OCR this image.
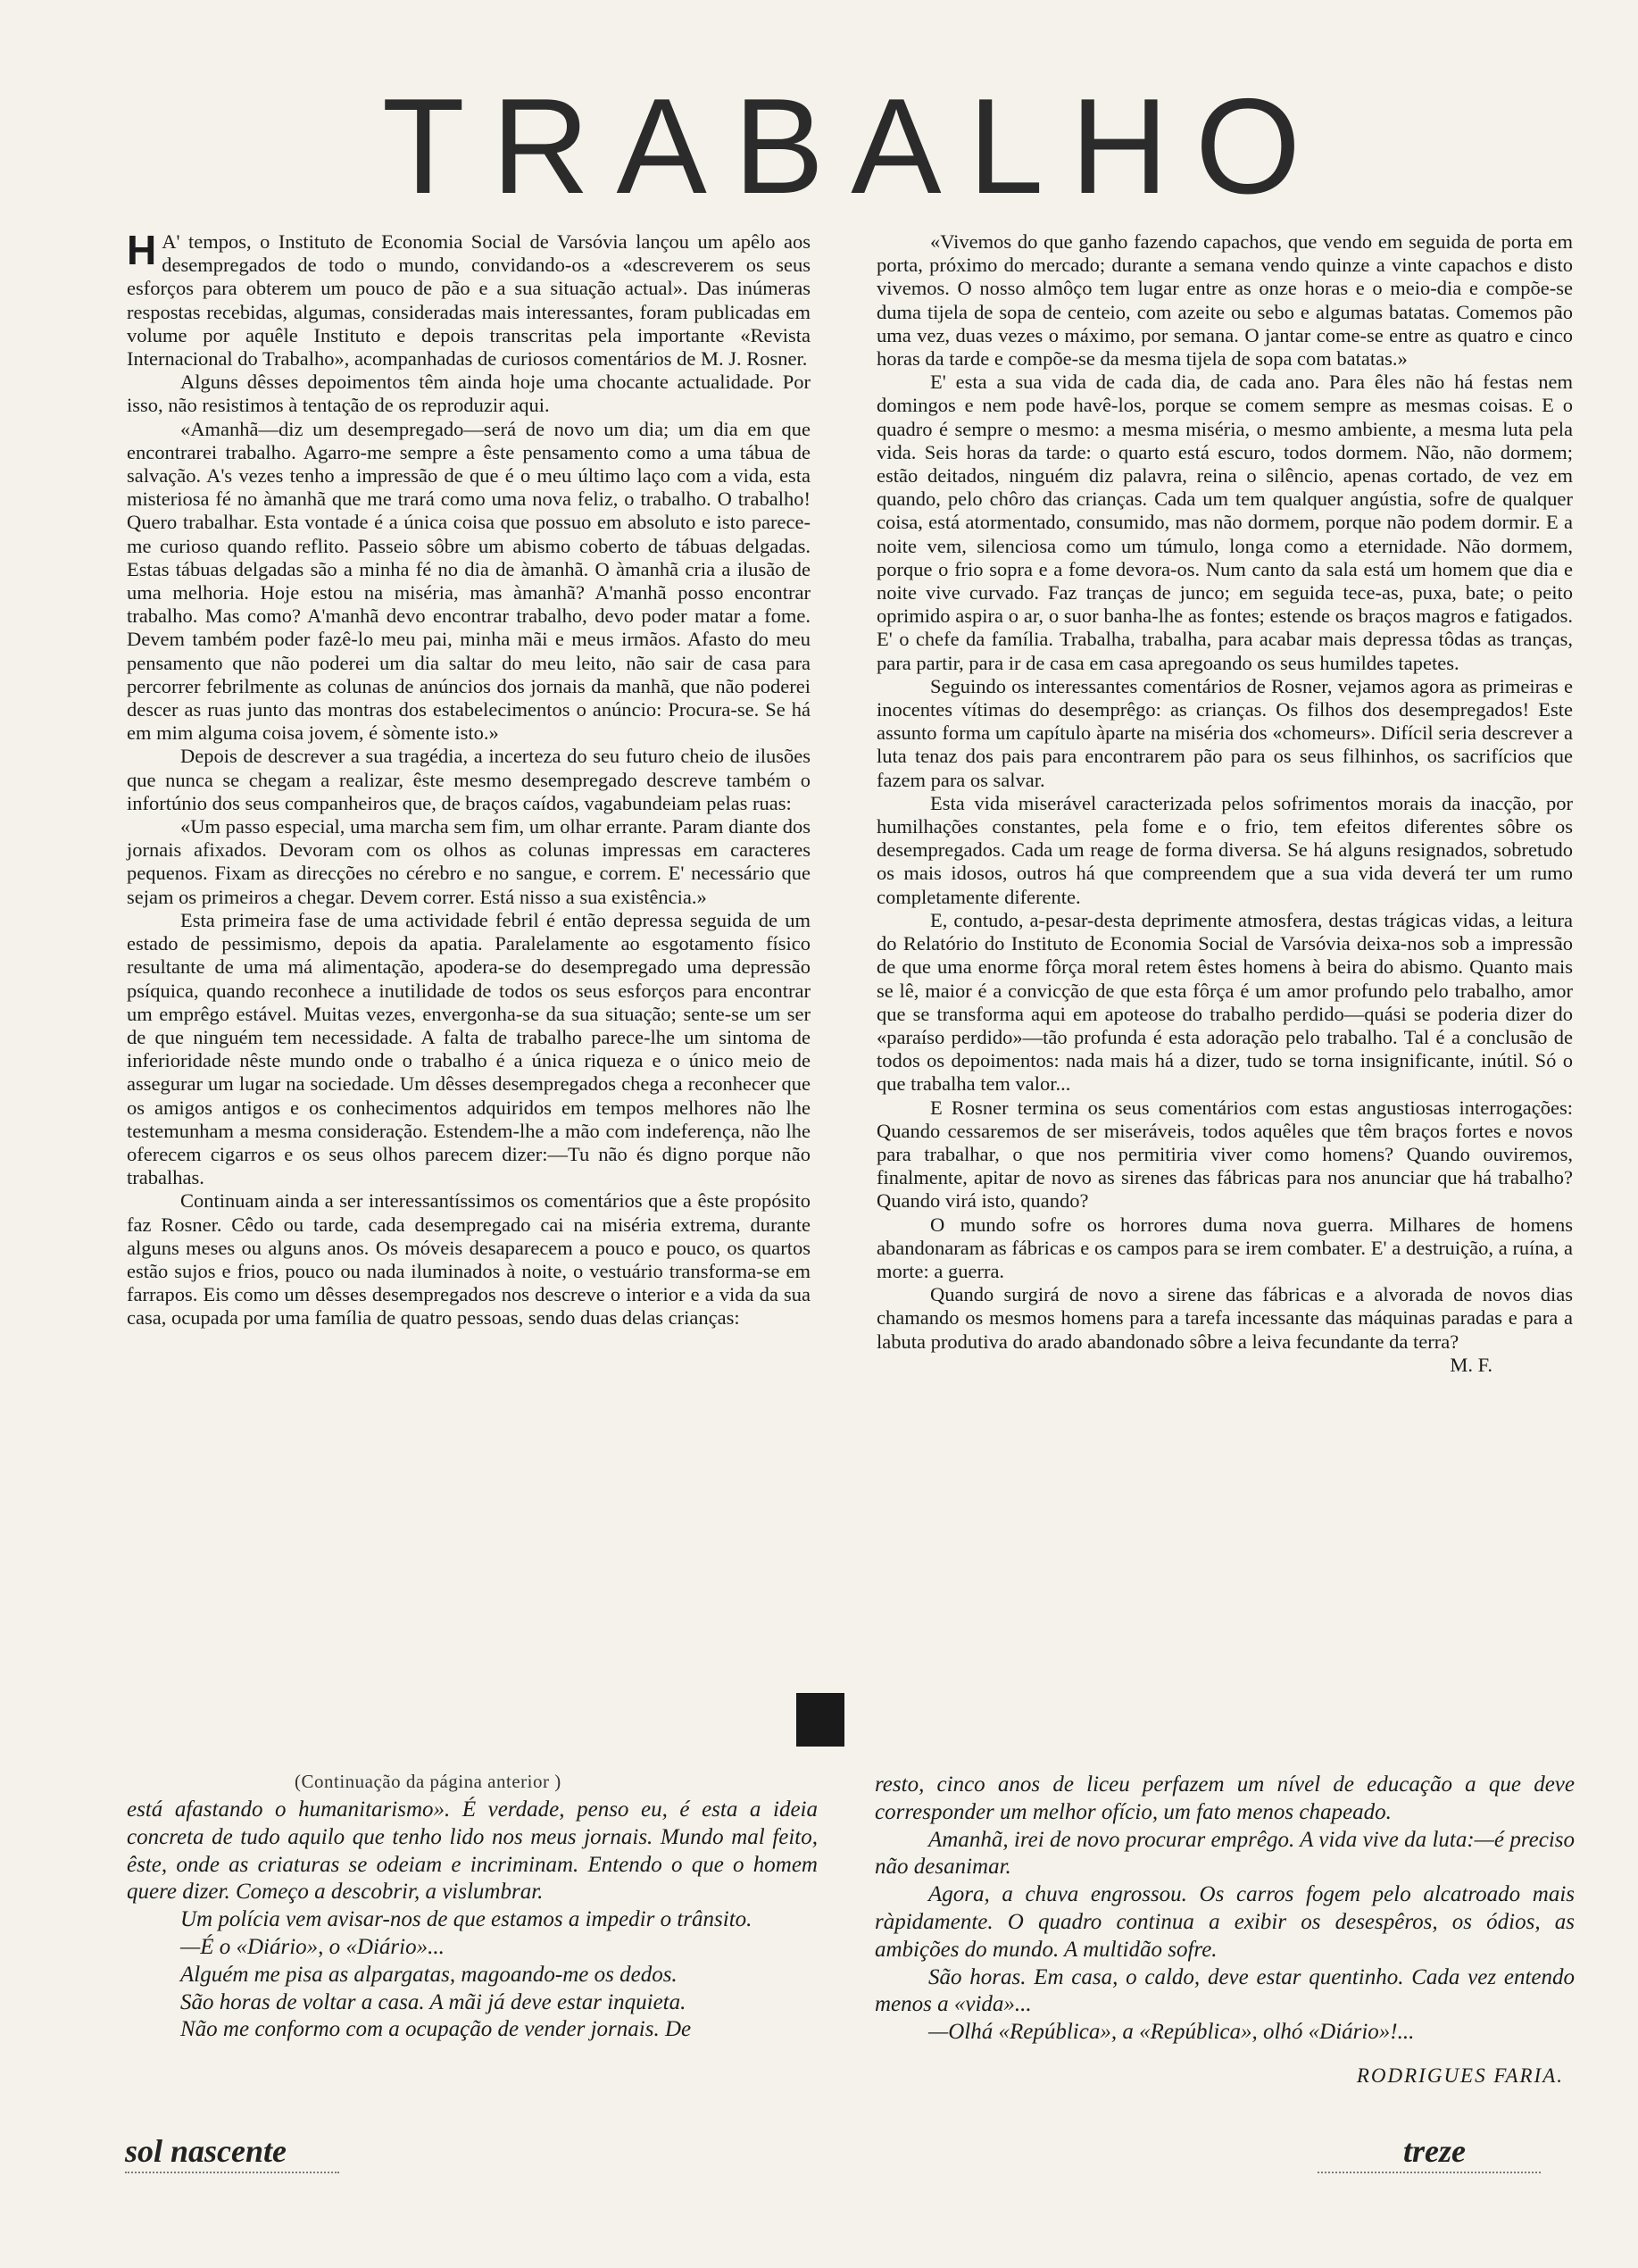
TRABALHO

H A' tempos, o Instituto de Economia Social de Varsóvia lançou um apêlo aos desempregados de todo o mundo, convidando-os a «descreverem os seus esforços para obterem um pouco de pão e a sua situação actual». Das inúmeras respostas recebidas, algumas, consideradas mais interessantes, foram publicadas em volume por aquêle Instituto e depois transcritas pela importante «Revista Internacional do Trabalho», acompanhadas de curiosos comentários de M. J. Rosner.

Alguns dêsses depoimentos têm ainda hoje uma chocante actualidade. Por isso, não resistimos à tentação de os reproduzir aqui.

«Amanhã—diz um desempregado—será de novo um dia; um dia em que encontrarei trabalho. Agarro-me sempre a êste pensamento como a uma tábua de salvação. A's vezes tenho a impressão de que é o meu último laço com a vida, esta misteriosa fé no àmanhã que me trará como uma nova feliz, o trabalho. O trabalho! Quero trabalhar. Esta vontade é a única coisa que possuo em absoluto e isto parece-me curioso quando reflito. Passeio sôbre um abismo coberto de tábuas delgadas. Estas tábuas delgadas são a minha fé no dia de àmanhã. O àmanhã cria a ilusão de uma melhoria. Hoje estou na miséria, mas àmanhã? A'manhã posso encontrar trabalho. Mas como? A'manhã devo encontrar trabalho, devo poder matar a fome. Devem também poder fazê-lo meu pai, minha mãi e meus irmãos. Afasto do meu pensamento que não poderei um dia saltar do meu leito, não sair de casa para percorrer febrilmente as colunas de anúncios dos jornais da manhã, que não poderei descer as ruas junto das montras dos estabelecimentos o anúncio: Procura-se. Se há em mim alguma coisa jovem, é sòmente isto.»

Depois de descrever a sua tragédia, a incerteza do seu futuro cheio de ilusões que nunca se chegam a realizar, êste mesmo desempregado descreve também o infortúnio dos seus companheiros que, de braços caídos, vagabundeiam pelas ruas:

«Um passo especial, uma marcha sem fim, um olhar errante. Param diante dos jornais afixados. Devoram com os olhos as colunas impressas em caracteres pequenos. Fixam as direcções no cérebro e no sangue, e correm. E' necessário que sejam os primeiros a chegar. Devem correr. Está nisso a sua existência.»

Esta primeira fase de uma actividade febril é então depressa seguida de um estado de pessimismo, depois da apatia. Paralelamente ao esgotamento físico resultante de uma má alimentação, apodera-se do desempregado uma depressão psíquica, quando reconhece a inutilidade de todos os seus esforços para encontrar um emprêgo estável. Muitas vezes, envergonha-se da sua situação; sente-se um ser de que ninguém tem necessidade. A falta de trabalho parece-lhe um sintoma de inferioridade nêste mundo onde o trabalho é a única riqueza e o único meio de assegurar um lugar na sociedade. Um dêsses desempregados chega a reconhecer que os amigos antigos e os conhecimentos adquiridos em tempos melhores não lhe testemunham a mesma consideração. Estendem-lhe a mão com indeferença, não lhe oferecem cigarros e os seus olhos parecem dizer:—Tu não és digno porque não trabalhas.

Continuam ainda a ser interessantíssimos os comentários que a êste propósito faz Rosner. Cêdo ou tarde, cada desempregado cai na miséria extrema, durante alguns meses ou alguns anos. Os móveis desaparecem a pouco e pouco, os quartos estão sujos e frios, pouco ou nada iluminados à noite, o vestuário transforma-se em farrapos. Eis como um dêsses desempregados nos descreve o interior e a vida da sua casa, ocupada por uma família de quatro pessoas, sendo duas delas crianças:

«Vivemos do que ganho fazendo capachos, que vendo em seguida de porta em porta, próximo do mercado; durante a semana vendo quinze a vinte capachos e disto vivemos. O nosso almôço tem lugar entre as onze horas e o meio-dia e compõe-se duma tijela de sopa de centeio, com azeite ou sebo e algumas batatas. Comemos pão uma vez, duas vezes o máximo, por semana. O jantar come-se entre as quatro e cinco horas da tarde e compõe-se da mesma tijela de sopa com batatas.»

E' esta a sua vida de cada dia, de cada ano. Para êles não há festas nem domingos e nem pode havê-los, porque se comem sempre as mesmas coisas. E o quadro é sempre o mesmo: a mesma miséria, o mesmo ambiente, a mesma luta pela vida. Seis horas da tarde: o quarto está escuro, todos dormem. Não, não dormem; estão deitados, ninguém diz palavra, reina o silêncio, apenas cortado, de vez em quando, pelo chôro das crianças. Cada um tem qualquer angústia, sofre de qualquer coisa, está atormentado, consumido, mas não dormem, porque não podem dormir. E a noite vem, silenciosa como um túmulo, longa como a eternidade. Não dormem, porque o frio sopra e a fome devora-os. Num canto da sala está um homem que dia e noite vive curvado. Faz tranças de junco; em seguida tece-as, puxa, bate; o peito oprimido aspira o ar, o suor banha-lhe as fontes; estende os braços magros e fatigados. E' o chefe da família. Trabalha, trabalha, para acabar mais depressa tôdas as tranças, para partir, para ir de casa em casa apregoando os seus humildes tapetes.

Seguindo os interessantes comentários de Rosner, vejamos agora as primeiras e inocentes vítimas do desemprêgo: as crianças. Os filhos dos desempregados! Este assunto forma um capítulo àparte na miséria dos «chomeurs». Difícil seria descrever a luta tenaz dos pais para encontrarem pão para os seus filhinhos, os sacrifícios que fazem para os salvar.

Esta vida miserável caracterizada pelos sofrimentos morais da inacção, por humilhações constantes, pela fome e o frio, tem efeitos diferentes sôbre os desempregados. Cada um reage de forma diversa. Se há alguns resignados, sobretudo os mais idosos, outros há que compreendem que a sua vida deverá ter um rumo completamente diferente.

E, contudo, a-pesar-desta deprimente atmosfera, destas trágicas vidas, a leitura do Relatório do Instituto de Economia Social de Varsóvia deixa-nos sob a impressão de que uma enorme fôrça moral retem êstes homens à beira do abismo. Quanto mais se lê, maior é a convicção de que esta fôrça é um amor profundo pelo trabalho, amor que se transforma aqui em apoteose do trabalho perdido—quási se poderia dizer do «paraíso perdido»—tão profunda é esta adoração pelo trabalho. Tal é a conclusão de todos os depoimentos: nada mais há a dizer, tudo se torna insignificante, inútil. Só o que trabalha tem valor...

E Rosner termina os seus comentários com estas angustiosas interrogações: Quando cessaremos de ser miseráveis, todos aquêles que têm braços fortes e novos para trabalhar, o que nos permitiria viver como homens? Quando ouviremos, finalmente, apitar de novo as sirenes das fábricas para nos anunciar que há trabalho? Quando virá isto, quando?

O mundo sofre os horrores duma nova guerra. Milhares de homens abandonaram as fábricas e os campos para se irem combater. E' a destruição, a ruína, a morte: a guerra.

Quando surgirá de novo a sirene das fábricas e a alvorada de novos dias chamando os mesmos homens para a tarefa incessante das máquinas paradas e para a labuta produtiva do arado abandonado sôbre a leiva fecundante da terra?

M. F.

(Continuação da página anterior )

está afastando o humanitarismo». É verdade, penso eu, é esta a ideia concreta de tudo aquilo que tenho lido nos meus jornais. Mundo mal feito, êste, onde as criaturas se odeiam e incriminam. Entendo o que o homem quere dizer. Começo a descobrir, a vislumbrar.

Um polícia vem avisar-nos de que estamos a impedir o trânsito.

—É o «Diário», o «Diário»...

Alguém me pisa as alpargatas, magoando-me os dedos.

São horas de voltar a casa. A mãi já deve estar inquieta.

Não me conformo com a ocupação de vender jornais. De

resto, cinco anos de liceu perfazem um nível de educação a que deve corresponder um melhor ofício, um fato menos chapeado.

Amanhã, irei de novo procurar emprêgo. A vida vive da luta:—é preciso não desanimar.

Agora, a chuva engrossou. Os carros fogem pelo alcatroado mais ràpidamente. O quadro continua a exibir os desespêros, os ódios, as ambições do mundo. A multidão sofre.

São horas. Em casa, o caldo, deve estar quentinho. Cada vez entendo menos a «vida»...

—Olhá «República», a «República», olhó «Diário»!...

RODRIGUES FARIA.
sol nascente	treze
